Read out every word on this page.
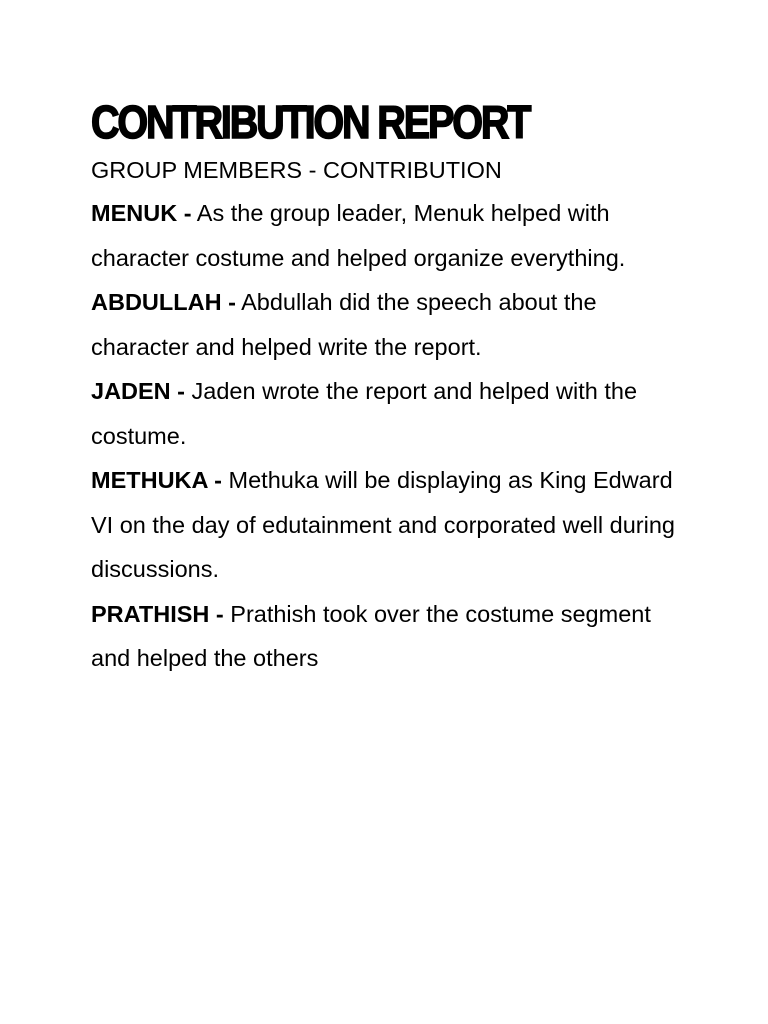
CONTRIBUTION REPORT

GROUP MEMBERS - CONTRIBUTION

MENUK - As the group leader, Menuk helped with character costume and helped organize everything.

ABDULLAH - Abdullah did the speech about the character and helped write the report.

JADEN - Jaden wrote the report and helped with the costume.

METHUKA - Methuka will be displaying as King Edward VI on the day of edutainment and corporated well during discussions.

PRATHISH - Prathish took over the costume segment and helped the others
